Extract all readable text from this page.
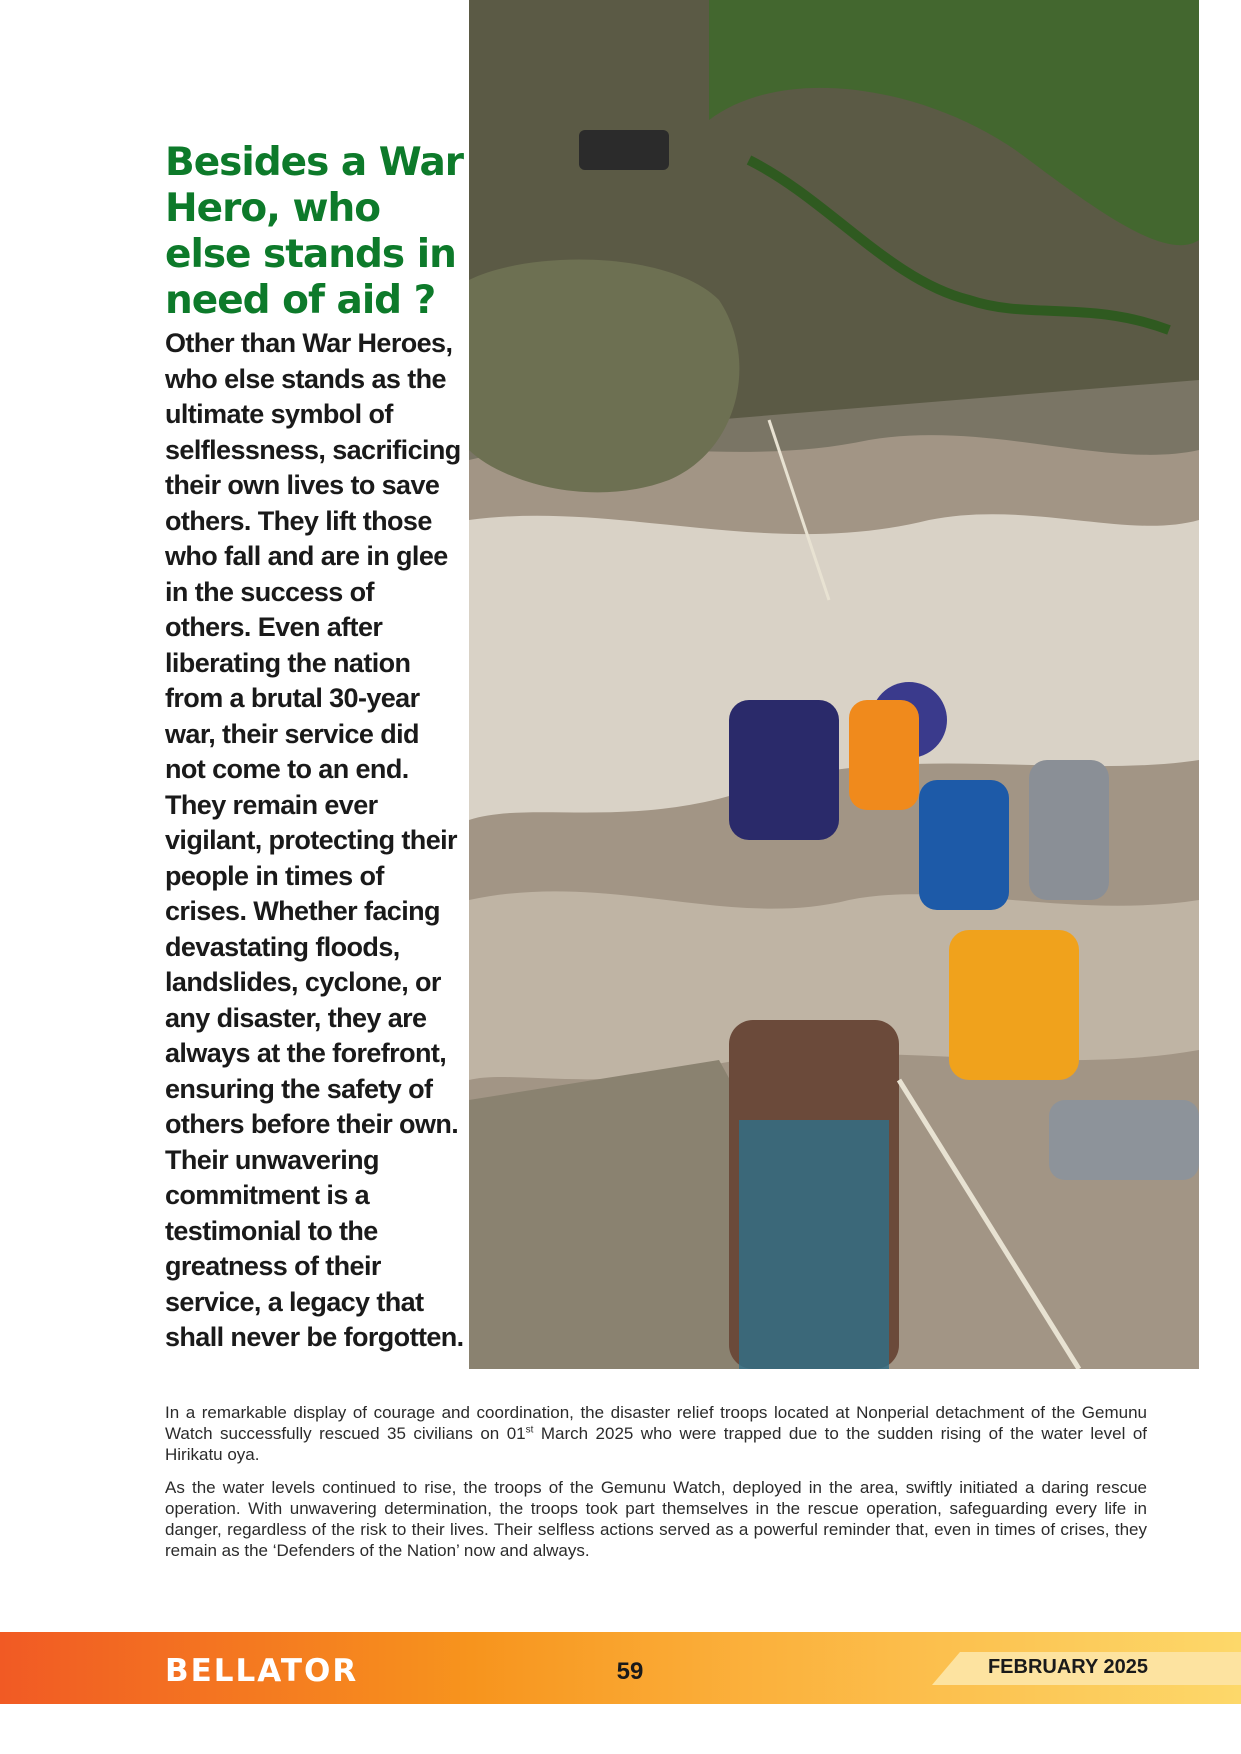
Besides a War Hero, who else stands in need of aid ?

Other than War Heroes, who else stands as the ultimate symbol of selflessness, sacrificing their own lives to save others. They lift those who fall and are in glee in the success of others. Even after liberating the nation from a brutal 30-year war, their service did not come to an end. They remain ever vigilant, protecting their people in times of crises. Whether facing devastating floods, landslides, cyclone, or any disaster, they are always at the forefront, ensuring the safety of others before their own. Their unwavering commitment is a testimonial to the greatness of their service, a legacy that shall never be forgotten.

In a remarkable display of courage and coordination, the disaster relief troops located at Nonperial detachment of the Gemunu Watch successfully rescued 35 civilians on 01st March 2025 who were trapped due to the sudden rising of the water level of Hirikatu oya.

As the water levels continued to rise, the troops of the Gemunu Watch, deployed in the area, swiftly initiated a daring rescue operation. With unwavering determination, the troops took part themselves in the rescue operation, safeguarding every life in danger, regardless of the risk to their lives. Their selfless actions served as a powerful reminder that, even in times of crises, they remain as the ‘Defenders of the Nation’ now and always.

BELLATOR	59	FEBRUARY 2025
